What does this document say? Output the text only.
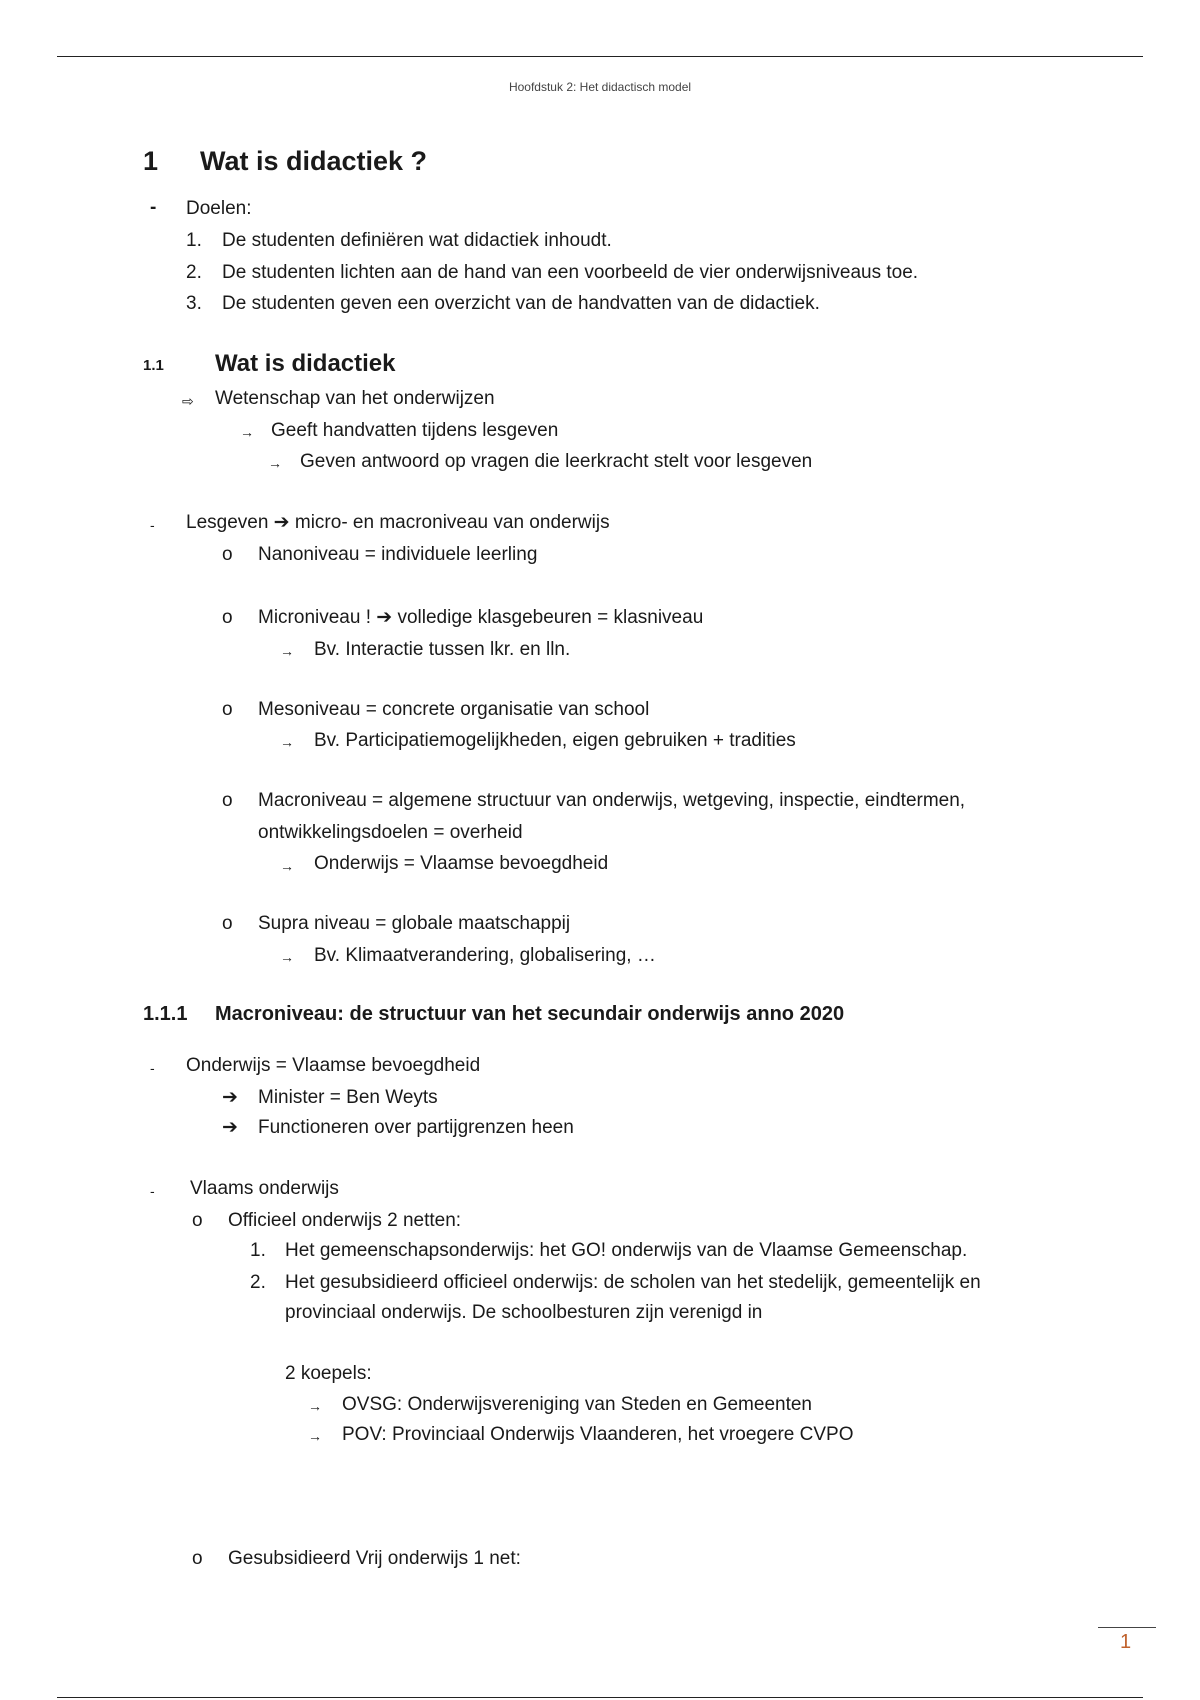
Hoofdstuk 2: Het didactisch model
1 Wat is didactiek ?
- Doelen:
1. De studenten definiëren wat didactiek inhoudt.
2. De studenten lichten aan de hand van een voorbeeld de vier onderwijsniveaus toe.
3. De studenten geven een overzicht van de handvatten van de didactiek.
1.1 Wat is didactiek
⇨ Wetenschap van het onderwijzen
→ Geeft handvatten tijdens lesgeven
→ Geven antwoord op vragen die leerkracht stelt voor lesgeven
- Lesgeven ➔ micro- en macroniveau van onderwijs
o Nanoniveau = individuele leerling
o Microniveau ! ➔ volledige klasgebeuren = klasniveau
→ Bv. Interactie tussen lkr. en lln.
o Mesoniveau = concrete organisatie van school
→ Bv. Participatiemogelijkheden, eigen gebruiken + tradities
o Macroniveau = algemene structuur van onderwijs, wetgeving, inspectie, eindtermen,
ontwikkelingsdoelen = overheid
→ Onderwijs = Vlaamse bevoegdheid
o Supra niveau = globale maatschappij
→ Bv. Klimaatverandering, globalisering, …
1.1.1 Macroniveau: de structuur van het secundair onderwijs anno 2020
- Onderwijs = Vlaamse bevoegdheid
➔ Minister = Ben Weyts
➔ Functioneren over partijgrenzen heen
- Vlaams onderwijs
o Officieel onderwijs 2 netten:
1. Het gemeenschapsonderwijs: het GO! onderwijs van de Vlaamse Gemeenschap.
2. Het gesubsidieerd officieel onderwijs: de scholen van het stedelijk, gemeentelijk en
provinciaal onderwijs. De schoolbesturen zijn verenigd in
2 koepels:
→ OVSG: Onderwijsvereniging van Steden en Gemeenten
→ POV: Provinciaal Onderwijs Vlaanderen, het vroegere CVPO
o Gesubsidieerd Vrij onderwijs 1 net:
1
